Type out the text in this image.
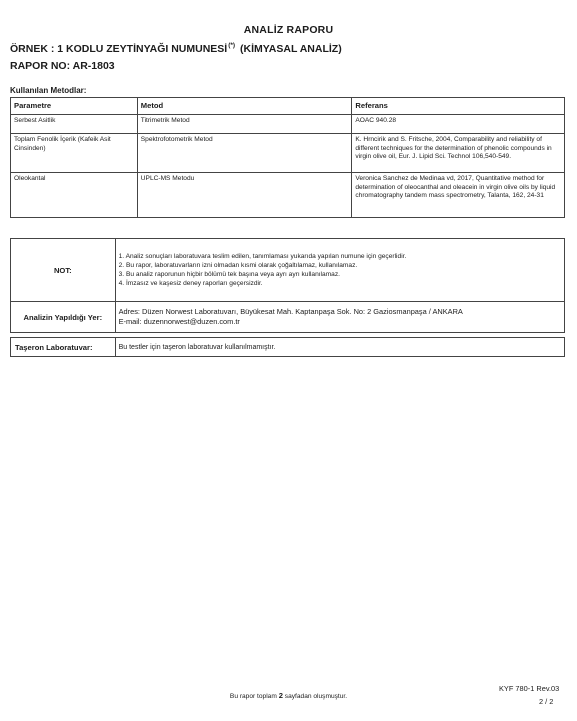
ANALİZ RAPORU
ÖRNEK : 1 KODLU ZEYTİNYAĞI NUMUNESİ(*) (KİMYASAL ANALİZ)
RAPOR NO: AR-1803
Kullanılan Metodlar:
Parametre	Metod	Referans
Serbest Asitlik	Titrimetrik Metod	AOAC 940.28
Toplam Fenolik İçerik (Kafeik Asit Cinsinden)	Spektrofotometrik Metod	K. Hrncirik and S. Fritsche, 2004, Comparability and reliability of different techniques for the determination of phenolic compounds in virgin olive oil, Eur. J. Lipid Sci. Technol 106,540-549.
Oleokantal	UPLC-MS Metodu	Veronica Sanchez de Medinaa vd, 2017, Quantitative method for determination of oleocanthal and oleacein in virgin olive oils by liquid chromatography tandem mass spectrometry, Talanta, 162, 24-31
NOT:	1. Analiz sonuçları laboratuvara teslim edilen, tanımlaması yukarıda yapılan numune için geçerlidir.
2. Bu rapor, laboratuvarların izni olmadan kısmi olarak çoğaltılamaz, kullanılamaz.
3. Bu analiz raporunun hiçbir bölümü tek başına veya ayrı ayrı kullanılamaz.
4. İmzasız ve kaşesiz deney raporları geçersizdir.

Analizin Yapıldığı Yer:	Adres: Düzen Norwest Laboratuvarı, Büyükesat Mah. Kaptanpaşa Sok. No: 2 Gaziosmanpaşa / ANKARA
E-mail: duzennorwest@duzen.com.tr

Taşeron Laboratuvar:	Bu testler için taşeron laboratuvar kullanılmamıştır.
Bu rapor toplam 2 sayfadan oluşmuştur.
KYF 780-1 Rev.03
2 / 2
